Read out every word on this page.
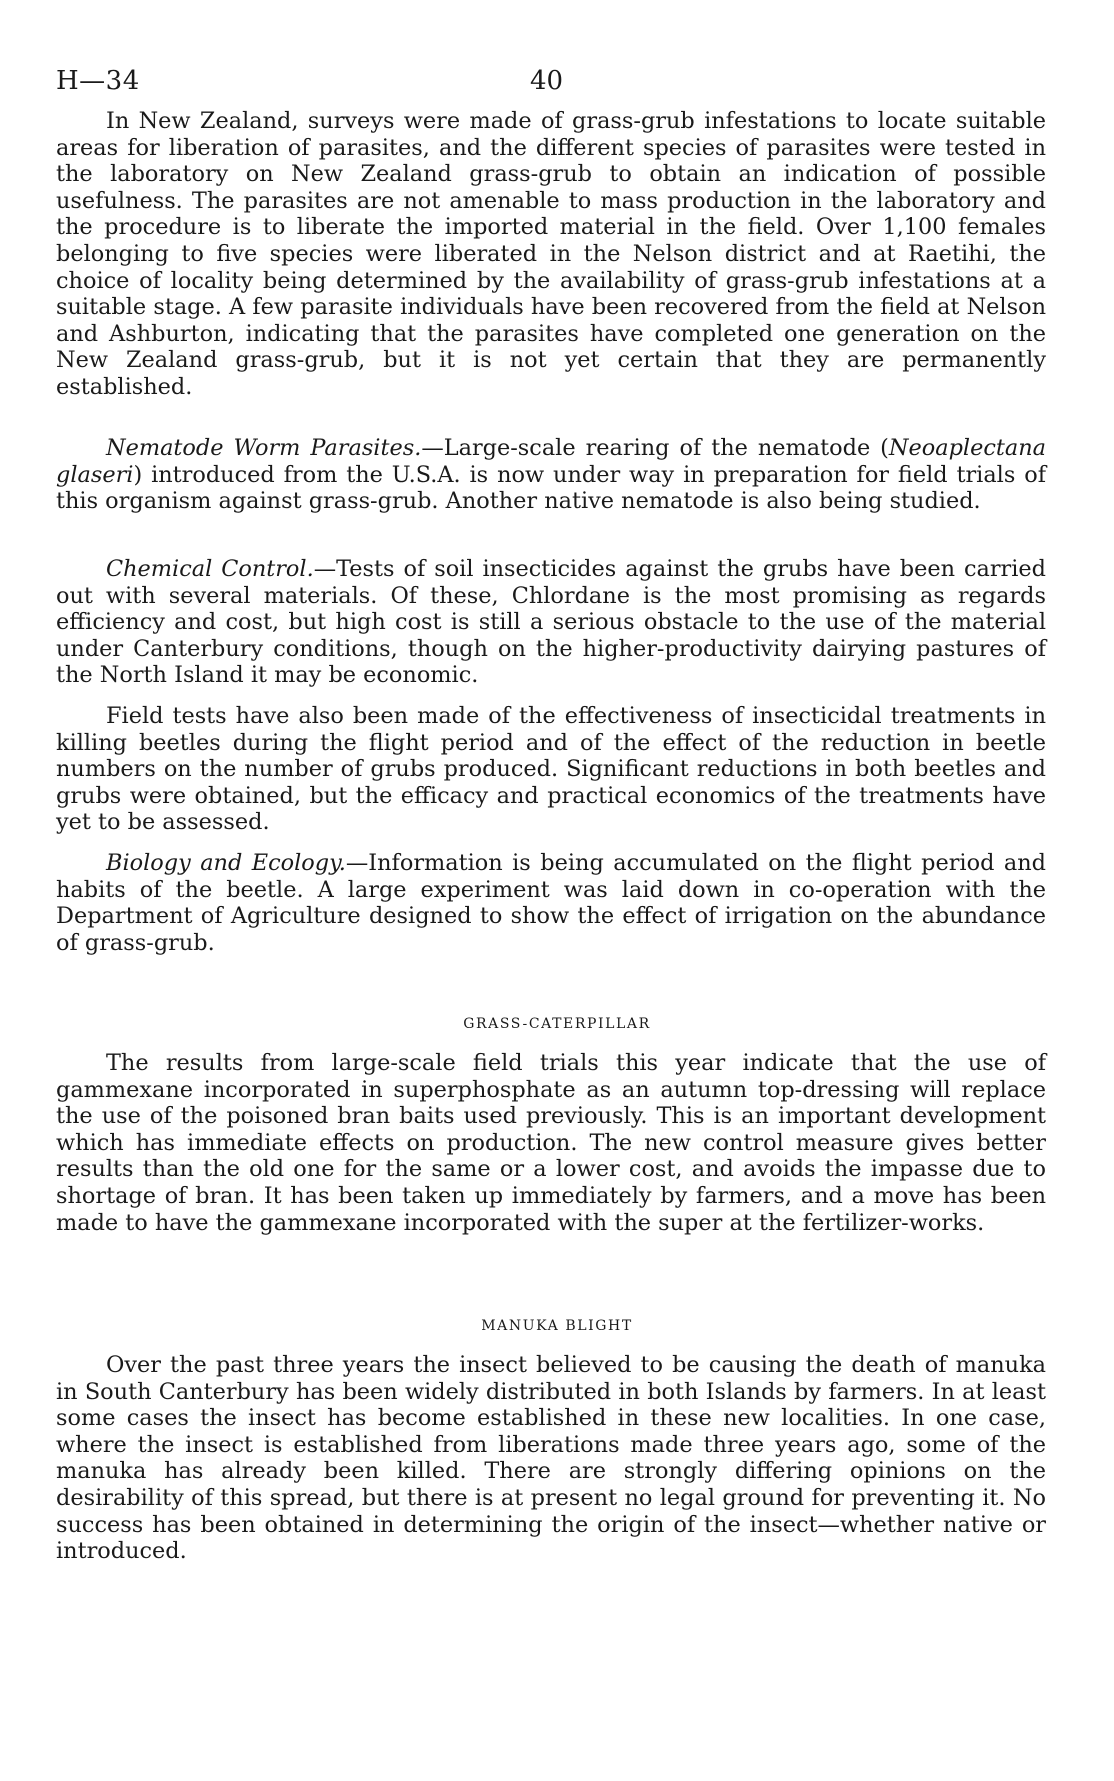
H—34	40

In New Zealand, surveys were made of grass-grub infestations to locate suitable areas for liberation of parasites, and the different species of parasites were tested in the laboratory on New Zealand grass-grub to obtain an indication of possible usefulness. The parasites are not amenable to mass production in the laboratory and the procedure is to liberate the imported material in the field. Over 1,100 females belonging to five species were liberated in the Nelson district and at Raetihi, the choice of locality being determined by the availability of grass-grub infestations at a suitable stage. A few parasite individuals have been recovered from the field at Nelson and Ashburton, indicating that the parasites have completed one generation on the New Zealand grass-grub, but it is not yet certain that they are permanently established.

Nematode Worm Parasites.—Large-scale rearing of the nematode (Neoaplectana glaseri) introduced from the U.S.A. is now under way in preparation for field trials of this organism against grass-grub. Another native nematode is also being studied.

Chemical Control.—Tests of soil insecticides against the grubs have been carried out with several materials. Of these, Chlordane is the most promising as regards efficiency and cost, but high cost is still a serious obstacle to the use of the material under Canterbury conditions, though on the higher-productivity dairying pastures of the North Island it may be economic.

Field tests have also been made of the effectiveness of insecticidal treatments in killing beetles during the flight period and of the effect of the reduction in beetle numbers on the number of grubs produced. Significant reductions in both beetles and grubs were obtained, but the efficacy and practical economics of the treatments have yet to be assessed.

Biology and Ecology.—Information is being accumulated on the flight period and habits of the beetle. A large experiment was laid down in co-operation with the Department of Agriculture designed to show the effect of irrigation on the abundance of grass-grub.

GRASS-CATERPILLAR

The results from large-scale field trials this year indicate that the use of gammexane incorporated in superphosphate as an autumn top-dressing will replace the use of the poisoned bran baits used previously. This is an important development which has immediate effects on production. The new control measure gives better results than the old one for the same or a lower cost, and avoids the impasse due to shortage of bran. It has been taken up immediately by farmers, and a move has been made to have the gammexane incorporated with the super at the fertilizer-works.

MANUKA BLIGHT

Over the past three years the insect believed to be causing the death of manuka in South Canterbury has been widely distributed in both Islands by farmers. In at least some cases the insect has become established in these new localities. In one case, where the insect is established from liberations made three years ago, some of the manuka has already been killed. There are strongly differing opinions on the desirability of this spread, but there is at present no legal ground for preventing it. No success has been obtained in determining the origin of the insect—whether native or introduced.
